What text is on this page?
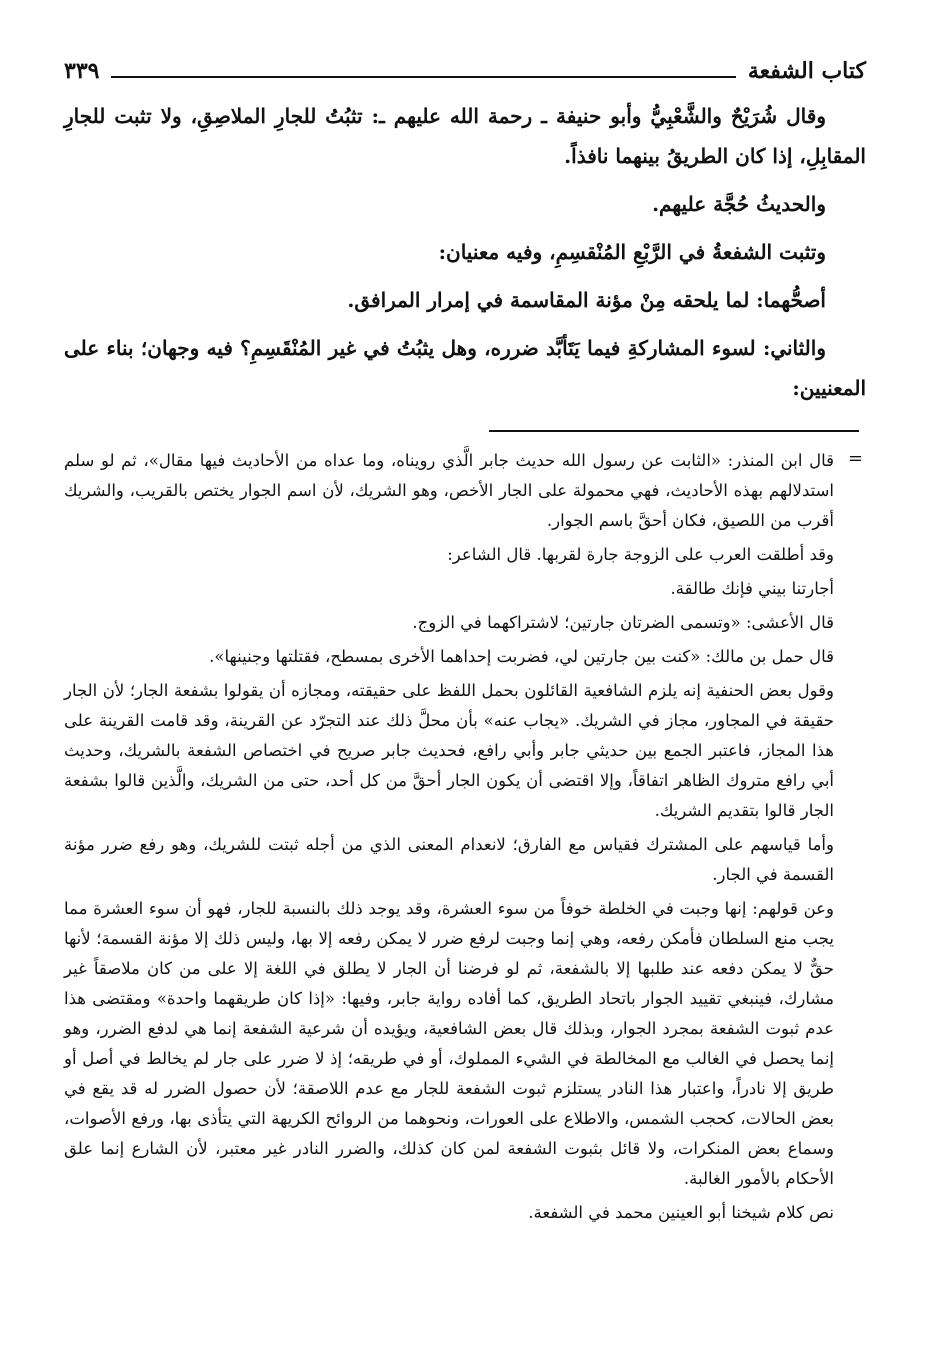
كتاب الشفعة
٣٣٩

وقال شُرَيْحٌ والشَّعْبِيُّ وأبو حنيفة ـ رحمة الله عليهم ـ: تثبُتُ للجارِ الملاصِقِ، ولا تثبت للجارِ المقابِلِ، إذا كان الطريقُ بينهما نافذاً.

والحديثُ حُجَّة عليهم.

وتثبت الشفعةُ في الرَّبْعِ المُنْقسِمِ، وفيه معنيان:

أصحُّهما: لما يلحقه مِنْ مؤنة المقاسمة في إمرار المرافق.

والثاني: لسوء المشاركةِ فيما يَتَأبَّد ضرره، وهل يثبُتُ في غير المُنْقَسِمِ؟ فيه وجهان؛ بناء على المعنيين:

=

قال ابن المنذر: «الثابت عن رسول الله حديث جابر الَّذي رويناه، وما عداه من الأحاديث فيها مقال»، ثم لو سلم استدلالهم بهذه الأحاديث، فهي محمولة على الجار الأخص، وهو الشريك، لأن اسم الجوار يختص بالقريب، والشريك أقرب من اللصيق، فكان أحقَّ باسم الجوار.

وقد أطلقت العرب على الزوجة جارة لقربها. قال الشاعر:

أجارتنا بيني فإنك طالقة.

قال الأعشى: «وتسمى الضرتان جارتين؛ لاشتراكهما في الزوج.

قال حمل بن مالك: «كنت بين جارتين لي، فضربت إحداهما الأخرى بمسطح، فقتلتها وجنينها».

وقول بعض الحنفية إنه يلزم الشافعية القائلون بحمل اللفظ على حقيقته، ومجازه أن يقولوا بشفعة الجار؛ لأن الجار حقيقة في المجاور، مجاز في الشريك. «يجاب عنه» بأن محلَّ ذلك عند التجرّد عن القرينة، وقد قامت القرينة على هذا المجاز، فاعتبر الجمع بين حديثي جابر وأبي رافع، فحديث جابر صريح في اختصاص الشفعة بالشريك، وحديث أبي رافع متروك الظاهر اتفاقاً، وإلا اقتضى أن يكون الجار أحقَّ من كل أحد، حتى من الشريك، والَّذين قالوا بشفعة الجار قالوا بتقديم الشريك.

وأما قياسهم على المشترك فقياس مع الفارق؛ لانعدام المعنى الذي من أجله ثبتت للشريك، وهو رفع ضرر مؤنة القسمة في الجار.

وعن قولهم: إنها وجبت في الخلطة خوفاً من سوء العشرة، وقد يوجد ذلك بالنسبة للجار، فهو أن سوء العشرة مما يجب منع السلطان فأمكن رفعه، وهي إنما وجبت لرفع ضرر لا يمكن رفعه إلا بها، وليس ذلك إلا مؤنة القسمة؛ لأنها حقٌّ لا يمكن دفعه عند طلبها إلا بالشفعة، ثم لو فرضنا أن الجار لا يطلق في اللغة إلا على من كان ملاصقاً غير مشارك، فينبغي تقييد الجوار باتحاد الطريق، كما أفاده رواية جابر، وفيها: «إذا كان طريقهما واحدة» ومقتضى هذا عدم ثبوت الشفعة بمجرد الجوار، وبذلك قال بعض الشافعية، ويؤيده أن شرعية الشفعة إنما هي لدفع الضرر، وهو إنما يحصل في الغالب مع المخالطة في الشيء المملوك، أو في طريقه؛ إذ لا ضرر على جار لم يخالط في أصل أو طريق إلا نادراً، واعتبار هذا النادر يستلزم ثبوت الشفعة للجار مع عدم اللاصقة؛ لأن حصول الضرر له قد يقع في بعض الحالات، كحجب الشمس، والاطلاع على العورات، ونحوهما من الروائح الكريهة التي يتأذى بها، ورفع الأصوات، وسماع بعض المنكرات، ولا قائل بثبوت الشفعة لمن كان كذلك، والضرر النادر غير معتبر، لأن الشارع إنما علق الأحكام بالأمور الغالبة.

نص كلام شيخنا أبو العينين محمد في الشفعة.
